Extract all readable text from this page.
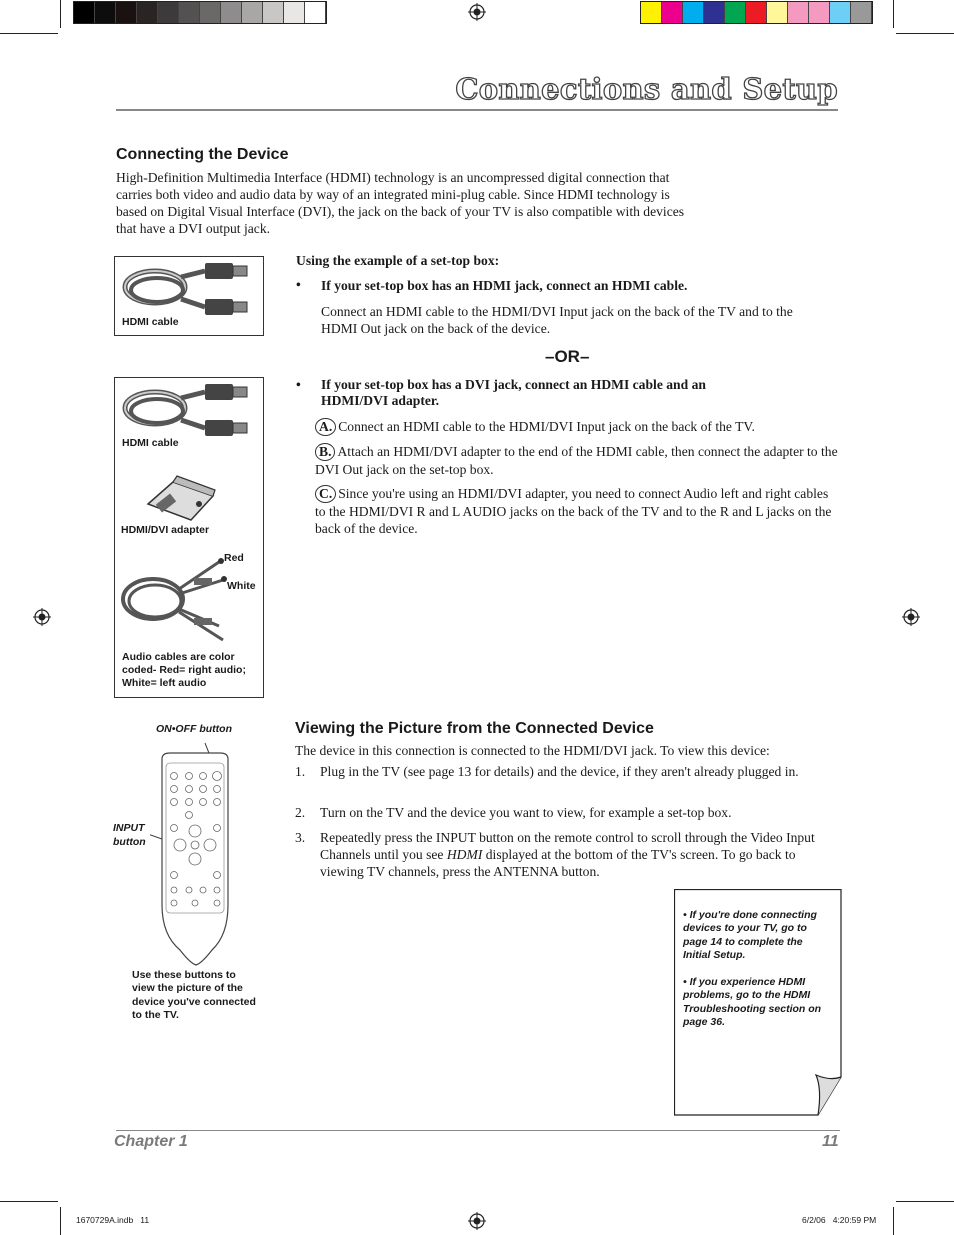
Connections and Setup
Connecting the Device
High-Definition Multimedia Interface (HDMI) technology is an uncompressed digital connection that carries both video and audio data by way of an integrated mini-plug cable. Since HDMI technology is based on Digital Visual Interface (DVI), the jack on the back of your TV is also compatible with devices that have a DVI output jack.
HDMI cable
Using the example of a set-top box:
• If your set-top box has an HDMI jack, connect an HDMI cable.
Connect an HDMI cable to the HDMI/DVI Input jack on the back of the TV and to the HDMI Out jack on the back of the device.
–OR–
HDMI cable
HDMI/DVI adapter
Red
White
Audio cables are color coded- Red= right audio; White= left audio
• If your set-top box has a DVI jack, connect an HDMI cable and an HDMI/DVI adapter.
A. Connect an HDMI cable to the HDMI/DVI Input jack on the back of the TV.
B. Attach an HDMI/DVI adapter to the end of the HDMI cable, then connect the adapter to the DVI Out jack on the set-top box.
C. Since you're using an HDMI/DVI adapter, you need to connect Audio left and right cables to the HDMI/DVI R and L AUDIO jacks on the back of the TV and to the R and L jacks on the back of the device.
ON•OFF button
INPUT
button
Use these buttons to view the picture of the device you've connected to the TV.
Viewing the Picture from the Connected Device
The device in this connection is connected to the HDMI/DVI jack. To view this device:
1. Plug in the TV (see page 13 for details) and the device, if they aren't already plugged in.
2. Turn on the TV and the device you want to view, for example a set-top box.
3. Repeatedly press the INPUT button on the remote control to scroll through the Video Input Channels until you see HDMI displayed at the bottom of the TV's screen. To go back to viewing TV channels, press the ANTENNA button.
• If you're done connecting devices to your TV, go to page 14 to complete the Initial Setup.
• If you experience HDMI problems, go to the HDMI Troubleshooting section on page 36.
Chapter 1	11
1670729A.indb   11	6/2/06   4:20:59 PM
